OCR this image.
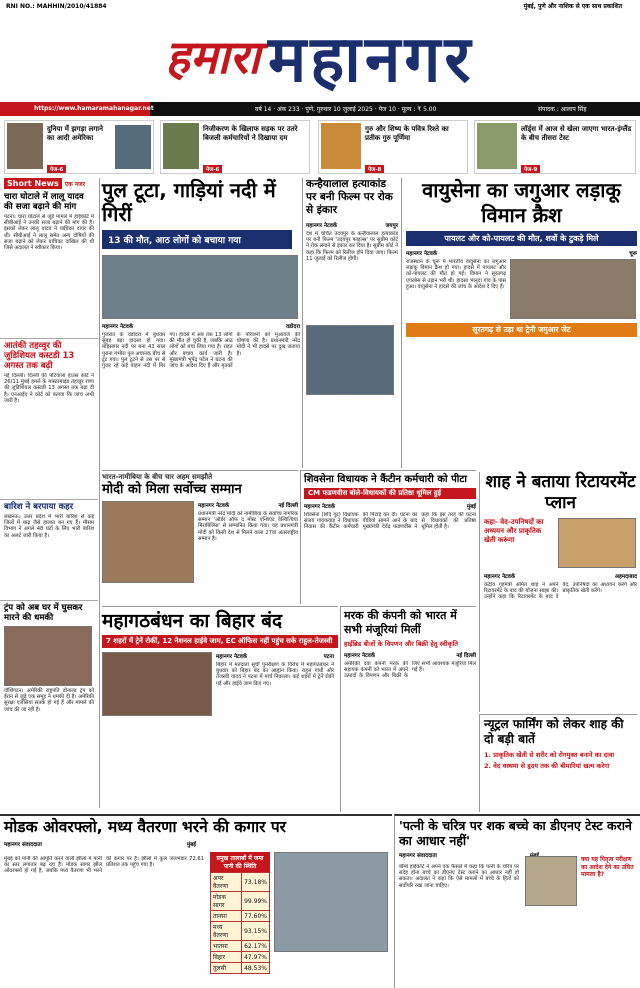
RNI NO.: MAHHIN/2010/41884	मुंबई, पुणे और नाशिक से एक साथ प्रकाशित
हमारा महानगर
https://www.hamaramahanagar.net	वर्ष 14 · अंक 233 · पुणे, गुरुवार 10 जुलाई 2025 · पेज 10 · मूल्य : ₹ 5.00	संपादक : आलाप सिंह
दुनिया में झगड़ा लगाने का आदी अमेरिका
पेज-6
निजीकरण के खिलाफ सड़क पर उतरे बिजली कर्मचारियों ने दिखाया दम
पेज-6
गुरु और शिष्य के पवित्र रिश्ते का प्रतीक गुरु पूर्णिमा
पेज-8
लॉर्ड्स में आज से खेला जाएगा भारत-इंग्लैंड के बीच तीसरा टेस्ट
पेज-9
Short News	एक नजर
चारा घोटाले में लालू यादव की सजा बढ़ाने की मांग
पटना। चारा घोटाले से जुड़े मामले में हाईकोर्ट में सीबीआई ने उनकी सजा बढ़ाने की मांग की है। इसको लेकर लालू यादव ने याचिका दायर की थी। सीबीआई ने लालू समेत अन्य दोषियों की सजा बढ़ाने को लेकर याचिका दाखिल की थी जिसे अदालत ने स्वीकार किया।
आतंकी तहव्वुर की जुडिशियल कस्टडी 13 अगस्त तक बढ़ी
नई दिल्ली। दिल्ली की पटियाला हाउस कोर्ट ने 26/11 मुंबई हमले के मास्टरमाइंड तहव्वुर राणा की जुडिशियल कस्टडी 13 अगस्त तक बढ़ा दी है। एनआईए ने कोर्ट को बताया कि जांच अभी जारी है।
बारिश ने बरपाया कहर
लखनऊ। उत्तर प्रदेश में भारी बारिश से कई जिलों में बाढ़ जैसे हालात बन गए हैं। मौसम विभाग ने अगले 48 घंटों के लिए भारी बारिश का अलर्ट जारी किया है।
ट्रंप को अब घर में घुसकर मारने की धमकी
वॉशिंगटन। अमेरिकी राष्ट्रपति डोनाल्ड ट्रंप को ईरान से जुड़े एक समूह ने धमकी दी है। अमेरिकी सुरक्षा एजेंसियां सतर्क हो गई हैं और मामले की जांच की जा रही है।
पुल टूटा, गाड़ियां नदी में गिरीं
13 की मौत, आठ लोगों को बचाया गया
महानगर नेटवर्क	वडोदरा
गुजरात के वडोदरा में बुधवार सुबह बड़ा हादसा हो गया। महिसागर नदी पर बना 43 साल पुराना गंभीरा पुल अचानक बीच से टूट गया। पुल टूटने से उस पर से गुजर रहे कई वाहन नदी में गिर गए। हादसे में अब तक 13 लोगों की मौत हो चुकी है, जबकि आठ लोगों को बचा लिया गया है। राहत और बचाव कार्य जारी है। मुख्यमंत्री भूपेंद्र पटेल ने घटना की जांच के आदेश दिए हैं और मृतकों के परिजनों को मुआवजे की घोषणा की है। प्रधानमंत्री नरेंद्र मोदी ने भी हादसे पर दुख जताया है।
कन्हैयालाल हत्याकांड पर बनी फिल्म पर रोक से इंकार
महानगर नेटवर्क	जयपुर
देश में चर्चित उदयपुर के कन्हैयालाल हत्याकांड पर बनी फिल्म 'उदयपुर फाइल्स' पर सुप्रीम कोर्ट ने रोक लगाने से इंकार कर दिया है। सुप्रीम कोर्ट ने कहा कि फिल्म को रिलीज होने दिया जाए। फिल्म 11 जुलाई को रिलीज होगी।
वायुसेना का जगुआर लड़ाकू विमान क्रैश
पायलट और को-पायलट की मौत, शवों के टुकड़े मिले
महानगर नेटवर्क	चूरू
राजस्थान के चूरू में भारतीय वायुसेना का जगुआर लड़ाकू विमान क्रैश हो गया। हादसे में पायलट और को-पायलट की मौत हो गई। विमान ने सूरतगढ़ एयरबेस से उड़ान भरी थी। हादसा भानुदा गांव के पास हुआ। वायुसेना ने हादसे की जांच के आदेश दे दिए हैं।
सूरतगढ़ से उड़ा था ट्रेनी जगुआर जेट
भारत-नामीबिया के बीच चार अहम समझौते
मोदी को मिला सर्वोच्च सम्मान
महानगर नेटवर्क	नई दिल्ली
प्रधानमंत्री नरेंद्र मोदी को नामीबिया के सर्वोच्च नागरिक सम्मान 'ऑर्डर ऑफ द मोस्ट एन्शिएंट वेल्वित्चिया मिराबिलिस' से सम्मानित किया गया। यह प्रधानमंत्री मोदी को किसी देश से मिलने वाला 27वां अंतरराष्ट्रीय सम्मान है।
शिवसेना विधायक ने कैंटीन कर्मचारी को पीटा
CM फडणवीस बोले-विधायकों की प्रतिष्ठा धूमिल हुई
महानगर नेटवर्क	मुंबई
शिवसेना (शिंदे गुट) विधायक संजय गायकवाड़ ने विधायक निवास की कैंटीन कर्मचारी की पिटाई कर दी। घटना का वीडियो सामने आने के बाद मुख्यमंत्री देवेंद्र फडणवीस ने कहा कि इस तरह की घटना से विधायकों की प्रतिष्ठा धूमिल होती है।
शाह ने बताया रिटायरमेंट प्लान
कहा- वेद-उपनिषदों का अध्ययन और प्राकृतिक खेती करूंगा
महानगर नेटवर्क	अहमदाबाद
केंद्रीय गृहमंत्री अमित शाह ने अपने रिटायरमेंट के बाद की योजना साझा की। उन्होंने कहा कि रिटायरमेंट के बाद वे वेद, उपनिषदों का अध्ययन करेंगे और प्राकृतिक खेती करेंगे।
महागठबंधन का बिहार बंद
7 शहरों में ट्रेनें रोकीं, 12 नेशनल हाईवे जाम, EC ऑफिस नहीं पहुंच सके राहुल-तेजस्वी
महानगर नेटवर्क	पटना
बिहार में मतदाता सूची पुनरीक्षण के विरोध में महागठबंधन ने बुधवार को बिहार बंद का आह्वान किया। राहुल गांधी और तेजस्वी यादव ने पटना में मार्च निकाला। कई शहरों में ट्रेनें रोकी गईं और हाईवे जाम किए गए।
मरक की कंपनी को भारत में सभी मंजूरियां मिलीं
हाईब्रिड बीजों के विपणन और बिक्री हेतु स्वीकृति
महानगर नेटवर्क	नई दिल्ली
अमेरिकी दवा कंपनी मरक की सहायक कंपनी को भारत में अपने उत्पादों के विपणन और बिक्री के लिए सभी आवश्यक मंजूरियां मिल गई हैं।
न्यूट्रल फार्मिंग को लेकर शाह की दो बड़ी बातें
1. प्राकृतिक खेती से शरीर को रोगमुक्त बनाने का दावा
2. वेद वस्थमा से हृदय तक की बीमारियां खत्म करेगा
मोडक ओवरफ्लो, मध्य वैतरणा भरने की कगार पर
महानगर संवाददाता	मुंबई
मुंबई को पानी की आपूर्ति करने वाली झीलों में पानी का स्तर लगातार बढ़ रहा है। मोडक सागर झील ओवरफ्लो हो गई है, जबकि मध्य वैतरणा भी भरने की कगार पर है। झीलों में कुल जलभंडार 72.61 प्रतिशत तक पहुंच गया है।
प्रमुख तालाबों में जमा पानी की स्थिति
अपर वैतरणा	73.18%
मोडक सागर	99.99%
तानसा	77.60%
मध्य वैतरणा	93.15%
भातसा	62.17%
विहार	47.97%
तुलसी	48.53%
'पत्नी के चरित्र पर शक बच्चे का डीएनए टेस्ट कराने का आधार नहीं'
महानगर संवाददाता
बॉम्बे हाईकोर्ट ने अपने एक फैसले में कहा कि पत्नी के चरित्र पर संदेह होना बच्चे का डीएनए टेस्ट कराने का आधार नहीं हो सकता। अदालत ने कहा कि ऐसे मामलों में बच्चे के हितों को सर्वोपरि रखा जाना चाहिए।
क्या यह पितृत्व परीक्षण का आदेश देने का उचित मामला है?
